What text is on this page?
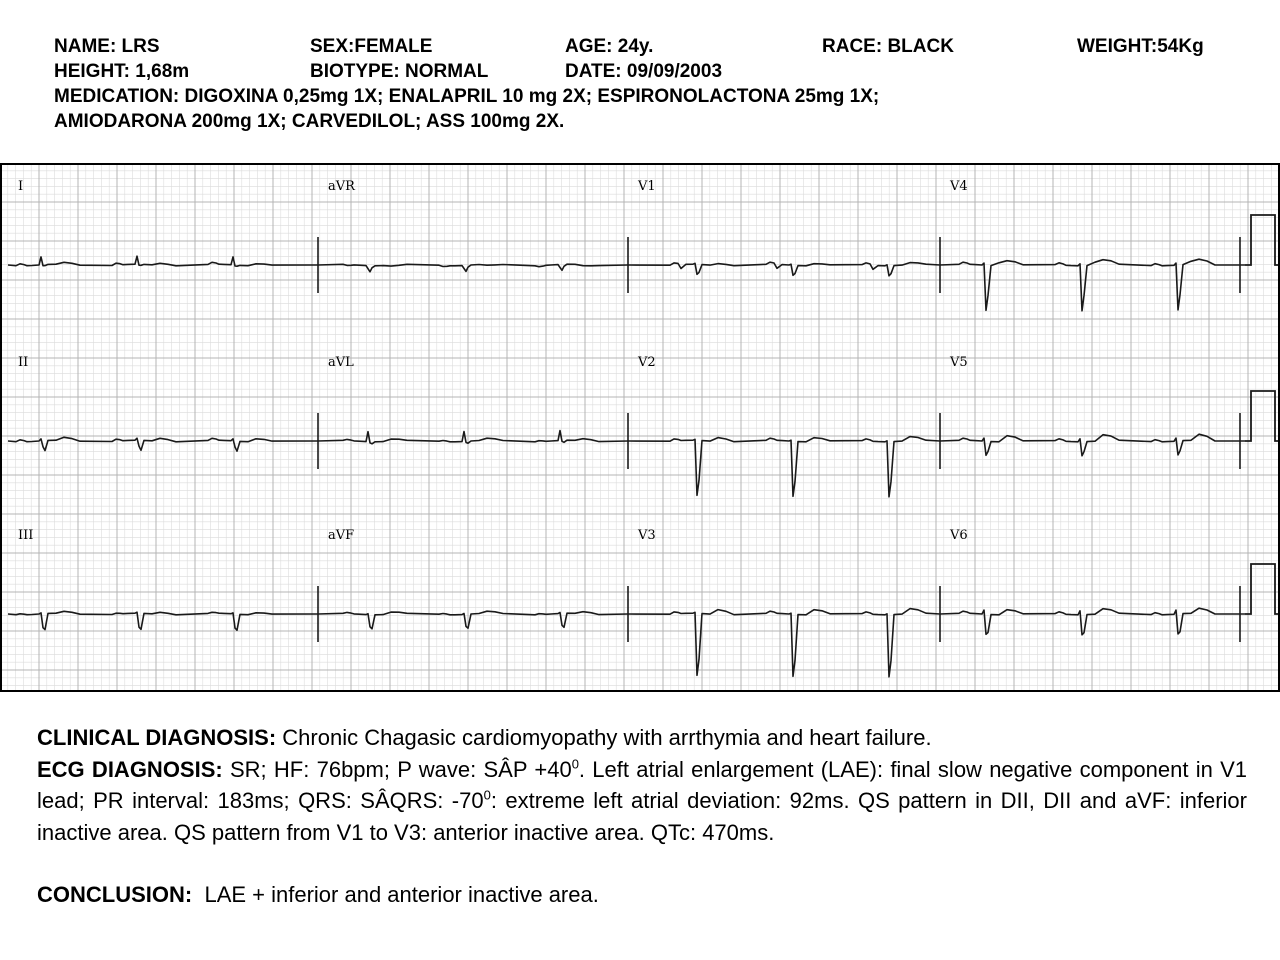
NAME: LRS	SEX:FEMALE	AGE: 24y.	RACE: BLACK	WEIGHT:54Kg
HEIGHT: 1,68m	BIOTYPE: NORMAL	DATE: 09/09/2003
MEDICATION: DIGOXINA 0,25mg 1X; ENALAPRIL 10 mg 2X; ESPIRONOLACTONA 25mg 1X;
AMIODARONA 200mg 1X; CARVEDILOL; ASS 100mg 2X.
I	aVR	V1	V4
II	aVL	V2	V5
III	aVF	V3	V6

CLINICAL DIAGNOSIS: Chronic Chagasic cardiomyopathy with arrthymia and heart failure.

ECG DIAGNOSIS: SR; HF: 76bpm; P wave: SÂP $+40^0$. Left atrial enlargement (LAE): final slow negative component in V1 lead; PR interval: 183ms; QRS: SÂQRS: $-70^0$: extreme left atrial deviation: 92ms. QS pattern in DII, DII and aVF: inferior inactive area. QS pattern from V1 to V3: anterior inactive area. QTc: 470ms.

CONCLUSION: LAE + inferior and anterior inactive area.
